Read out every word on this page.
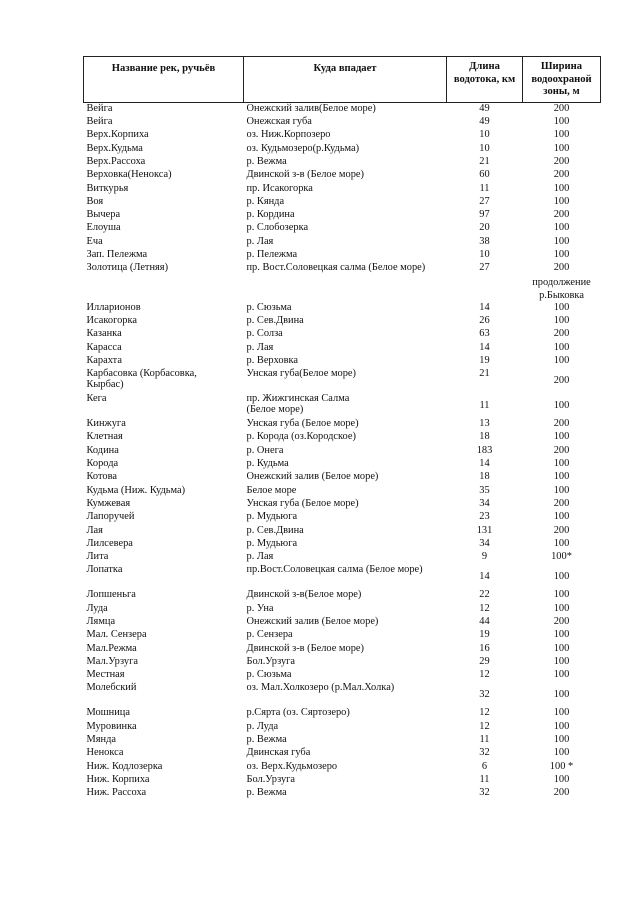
Название рек, ручьёв	Куда впадает	Длина водотока, км	Ширина водоохраной зоны, м
Вейга	Онежский залив(Белое море)	49	200
Вейга	Онежская губа	49	100
Верх.Корпиха	оз. Ниж.Корпозеро	10	100
Верх.Кудьма	оз. Кудьмозеро(р.Кудьма)	10	100
Верх.Рассоха	р. Вежма	21	200
Верховка(Ненокса)	Двинской з-в (Белое море)	60	200
Виткурья	пр. Исакогорка	11	100
Воя	р. Кянда	27	100
Вычера	р. Кордина	97	200
Елоуша	р. Слобозерка	20	100
Еча	р. Лая	38	100
Зап. Пележма	р. Пележма	10	100
Золотица (Летняя)	пр. Вост.Соловецкая салма (Белое море)	27	200
			продолжение р.Быковка
Илларионов	р. Сюзьма	14	100
Исакогорка	р. Сев.Двина	26	100
Казанка	р. Солза	63	200
Карасса	р. Лая	14	100
Карахта	р. Верховка	19	100

Карбасовка (Корбасовка,
Кырбас)	Унская губа(Белое море)	21	200
Кега	пр. Жижгинская Салма
(Белое море)	11	100
Кинжуга	Унская губа (Белое море)	13	200
Клетная	р. Корода (оз.Кородское)	18	100
Кодина	р. Онега	183	200
Корода	р. Кудьма	14	100
Котова	Онежский залив (Белое море)	18	100
Кудьма (Ниж. Кудьма)	Белое море	35	100
Кумжевая	Унская губа (Белое море)	34	200
Лапоручей	р. Мудьюга	23	100
Лая	р. Сев.Двина	131	200
Лилсевера	р. Мудьюга	34	100
Лита	р. Лая	9	100*
Лопатка	пр.Вост.Соловецкая салма (Белое море)	14	100
Лопшеньга	Двинской з-в(Белое море)	22	100
Луда	р. Уна	12	100
Лямца	Онежский залив (Белое море)	44	200
Мал. Сензера	р. Сензера	19	100
Мал.Режма	Двинской з-в (Белое море)	16	100
Мал.Урзуга	Бол.Урзуга	29	100
Местная	р. Сюзьма	12	100
Молебский	оз. Мал.Холкозеро (р.Мал.Холка)	32	100
Мошница	р.Сярта (оз. Сяртозеро)	12	100
Муровинка	р. Луда	12	100
Мянда	р. Вежма	11	100
Ненокса	Двинская губа	32	100
Ниж. Кодлозерка	оз. Верх.Кудьмозеро	6	100 *
Ниж. Корпиха	Бол.Урзуга	11	100
Ниж. Рассоха	р. Вежма	32	200
